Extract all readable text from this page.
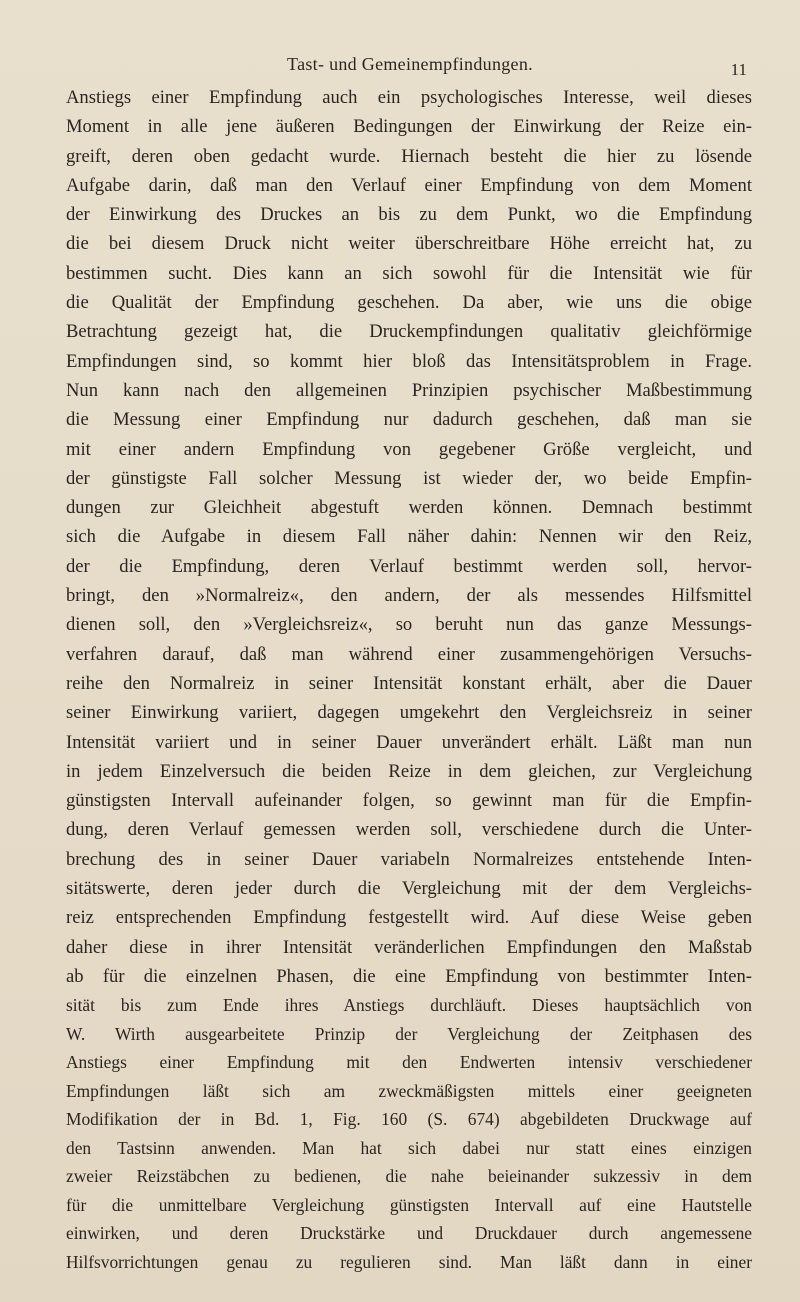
Tast- und Gemeinempfindungen.	11
Anstiegs einer Empfindung auch ein psychologisches Interesse, weil dieses
Moment in alle jene äußeren Bedingungen der Einwirkung der Reize ein-
greift, deren oben gedacht wurde. Hiernach besteht die hier zu lösende
Aufgabe darin, daß man den Verlauf einer Empfindung von dem Moment
der Einwirkung des Druckes an bis zu dem Punkt, wo die Empfindung
die bei diesem Druck nicht weiter überschreitbare Höhe erreicht hat, zu
bestimmen sucht. Dies kann an sich sowohl für die Intensität wie für
die Qualität der Empfindung geschehen. Da aber, wie uns die obige
Betrachtung gezeigt hat, die Druckempfindungen qualitativ gleichförmige
Empfindungen sind, so kommt hier bloß das Intensitätsproblem in Frage.
Nun kann nach den allgemeinen Prinzipien psychischer Maßbestimmung
die Messung einer Empfindung nur dadurch geschehen, daß man sie
mit einer andern Empfindung von gegebener Größe vergleicht, und
der günstigste Fall solcher Messung ist wieder der, wo beide Empfin-
dungen zur Gleichheit abgestuft werden können. Demnach bestimmt
sich die Aufgabe in diesem Fall näher dahin: Nennen wir den Reiz,
der die Empfindung, deren Verlauf bestimmt werden soll, hervor-
bringt, den »Normalreiz«, den andern, der als messendes Hilfsmittel
dienen soll, den »Vergleichsreiz«, so beruht nun das ganze Messungs-
verfahren darauf, daß man während einer zusammengehörigen Versuchs-
reihe den Normalreiz in seiner Intensität konstant erhält, aber die Dauer
seiner Einwirkung variiert, dagegen umgekehrt den Vergleichsreiz in seiner
Intensität variiert und in seiner Dauer unverändert erhält. Läßt man nun
in jedem Einzelversuch die beiden Reize in dem gleichen, zur Vergleichung
günstigsten Intervall aufeinander folgen, so gewinnt man für die Empfin-
dung, deren Verlauf gemessen werden soll, verschiedene durch die Unter-
brechung des in seiner Dauer variabeln Normalreizes entstehende Inten-
sitätswerte, deren jeder durch die Vergleichung mit der dem Vergleichs-
reiz entsprechenden Empfindung festgestellt wird. Auf diese Weise geben
daher diese in ihrer Intensität veränderlichen Empfindungen den Maßstab
ab für die einzelnen Phasen, die eine Empfindung von bestimmter Inten-
sität bis zum Ende ihres Anstiegs durchläuft. Dieses hauptsächlich von
W. Wirth ausgearbeitete Prinzip der Vergleichung der Zeitphasen des
Anstiegs einer Empfindung mit den Endwerten intensiv verschiedener
Empfindungen läßt sich am zweckmäßigsten mittels einer geeigneten
Modifikation der in Bd. 1, Fig. 160 (S. 674) abgebildeten Druckwage auf
den Tastsinn anwenden. Man hat sich dabei nur statt eines einzigen
zweier Reizstäbchen zu bedienen, die nahe beieinander sukzessiv in dem
für die unmittelbare Vergleichung günstigsten Intervall auf eine Hautstelle
einwirken, und deren Druckstärke und Druckdauer durch angemessene
Hilfsvorrichtungen genau zu regulieren sind. Man läßt dann in einer
